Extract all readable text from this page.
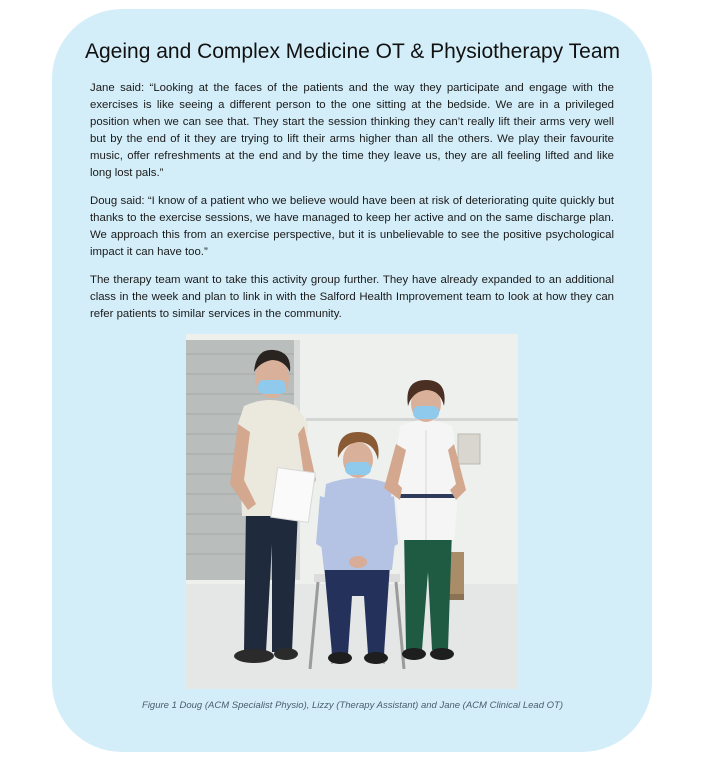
Ageing and Complex Medicine OT & Physiotherapy Team

Jane said: “Looking at the faces of the patients and the way they participate and engage with the exercises is like seeing a different person to the one sitting at the bedside. We are in a privileged position when we can see that. They start the session thinking they can’t really lift their arms very well but by the end of it they are trying to lift their arms higher than all the others. We play their favourite music, offer refreshments at the end and by the time they leave us, they are all feeling lifted and like long lost pals.”

Doug said: “I know of a patient who we believe would have been at risk of deteriorating quite quickly but thanks to the exercise sessions, we have managed to keep her active and on the same discharge plan. We approach this from an exercise perspective, but it is unbelievable to see the positive psychological impact it can have too.”

The therapy team want to take this activity group further. They have already expanded to an additional class in the week and plan to link in with the Salford Health Improvement team to look at how they can refer patients to similar services in the community.

Figure 1 Doug (ACM Specialist Physio), Lizzy (Therapy Assistant) and Jane (ACM Clinical Lead OT)
